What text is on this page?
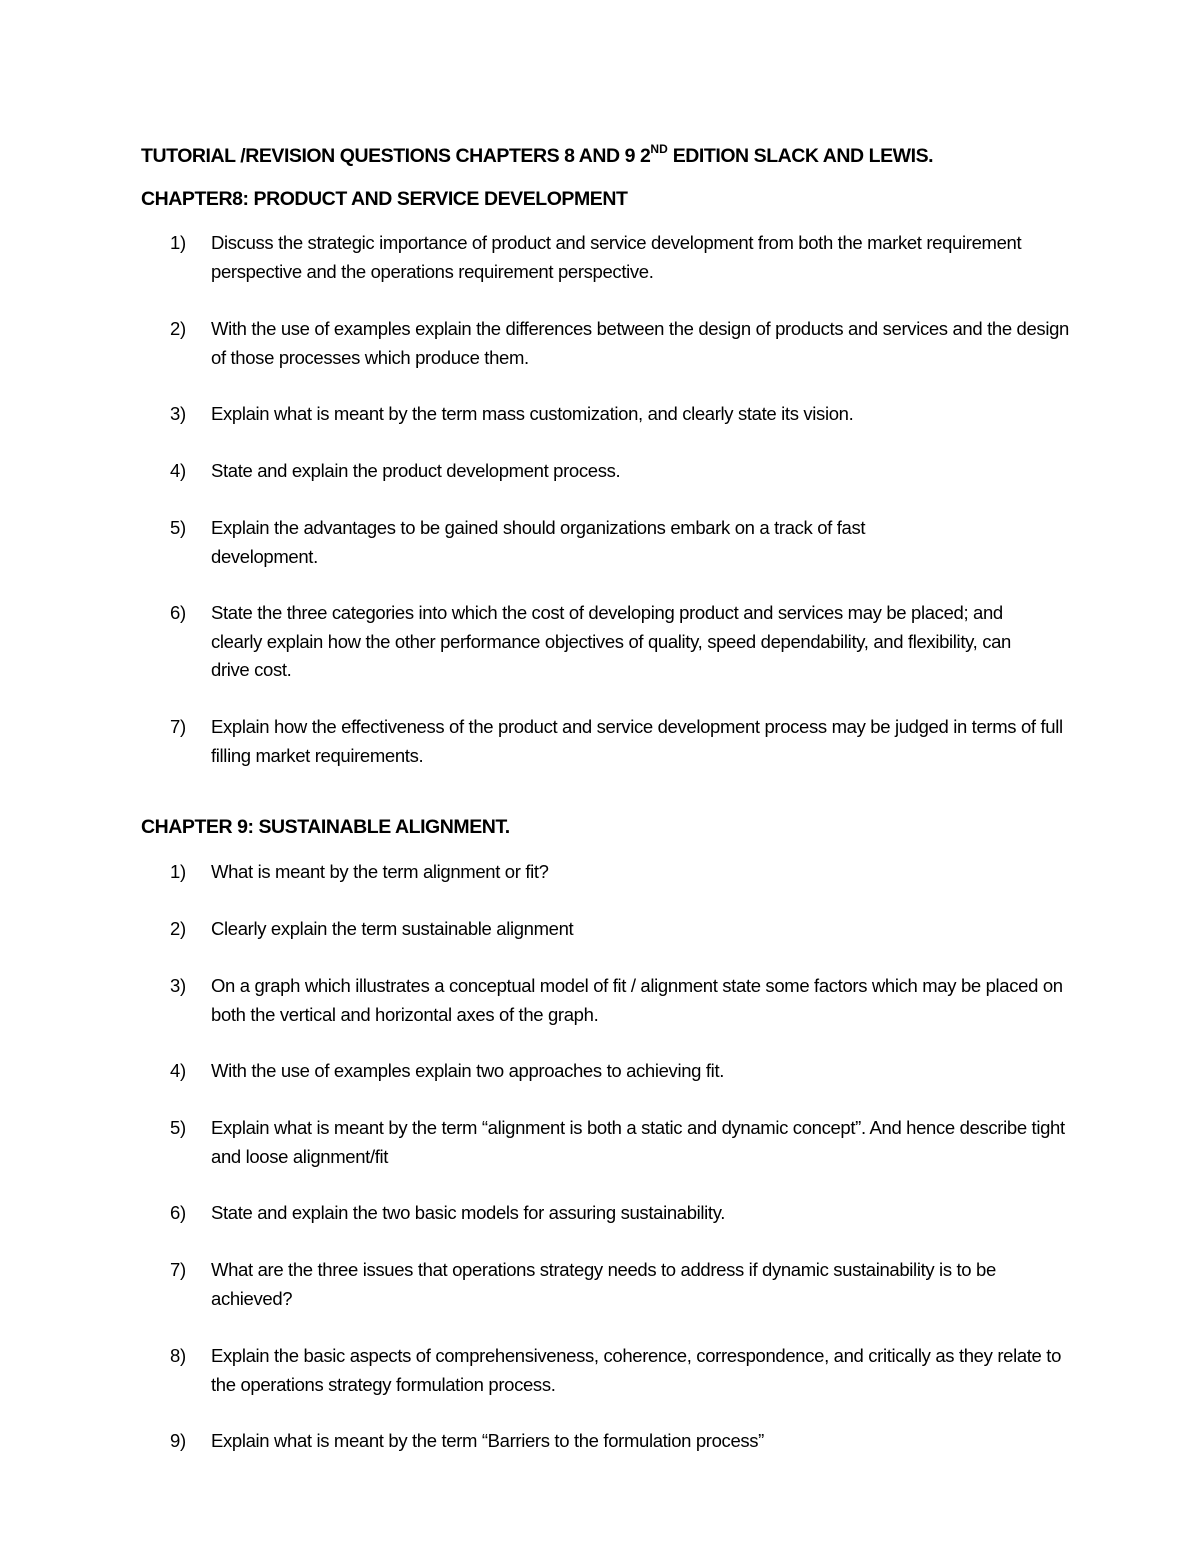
TUTORIAL /REVISION QUESTIONS CHAPTERS 8 AND 9 2ND EDITION SLACK AND LEWIS.
CHAPTER8: PRODUCT AND SERVICE DEVELOPMENT
1)	Discuss the strategic importance of product and service development from both the market requirement perspective and the operations requirement perspective.
2)	With the use of examples explain the differences between the design of products and services and the design of those processes which produce them.
3)	Explain what is meant by the term mass customization, and clearly state its vision.
4)	State and explain the product development process.
5)	Explain the advantages to be gained should organizations embark on a track of fast development.
6)	State the three categories into which the cost of developing product and services may be placed; and clearly explain how the other performance objectives of quality, speed dependability, and flexibility, can drive cost.
7)	Explain how the effectiveness of the product and service development process may be judged in terms of full filling market requirements.
CHAPTER 9: SUSTAINABLE ALIGNMENT.
1)	What is meant by the term alignment or fit?
2)	Clearly explain the term sustainable alignment
3)	On a graph which illustrates a conceptual model of fit / alignment state some factors which may be placed on both the vertical and horizontal axes of the graph.
4)	With the use of examples explain two approaches to achieving fit.
5)	Explain what is meant by the term “alignment is both a static and dynamic concept”. And hence describe tight and loose alignment/fit
6)	State and explain the two basic models for assuring sustainability.
7)	What are the three issues that operations strategy needs to address if dynamic sustainability is to be achieved?
8)	Explain the basic aspects of comprehensiveness, coherence, correspondence, and critically as they relate to the operations strategy formulation process.
9)	Explain what is meant by the term “Barriers to the formulation process”
